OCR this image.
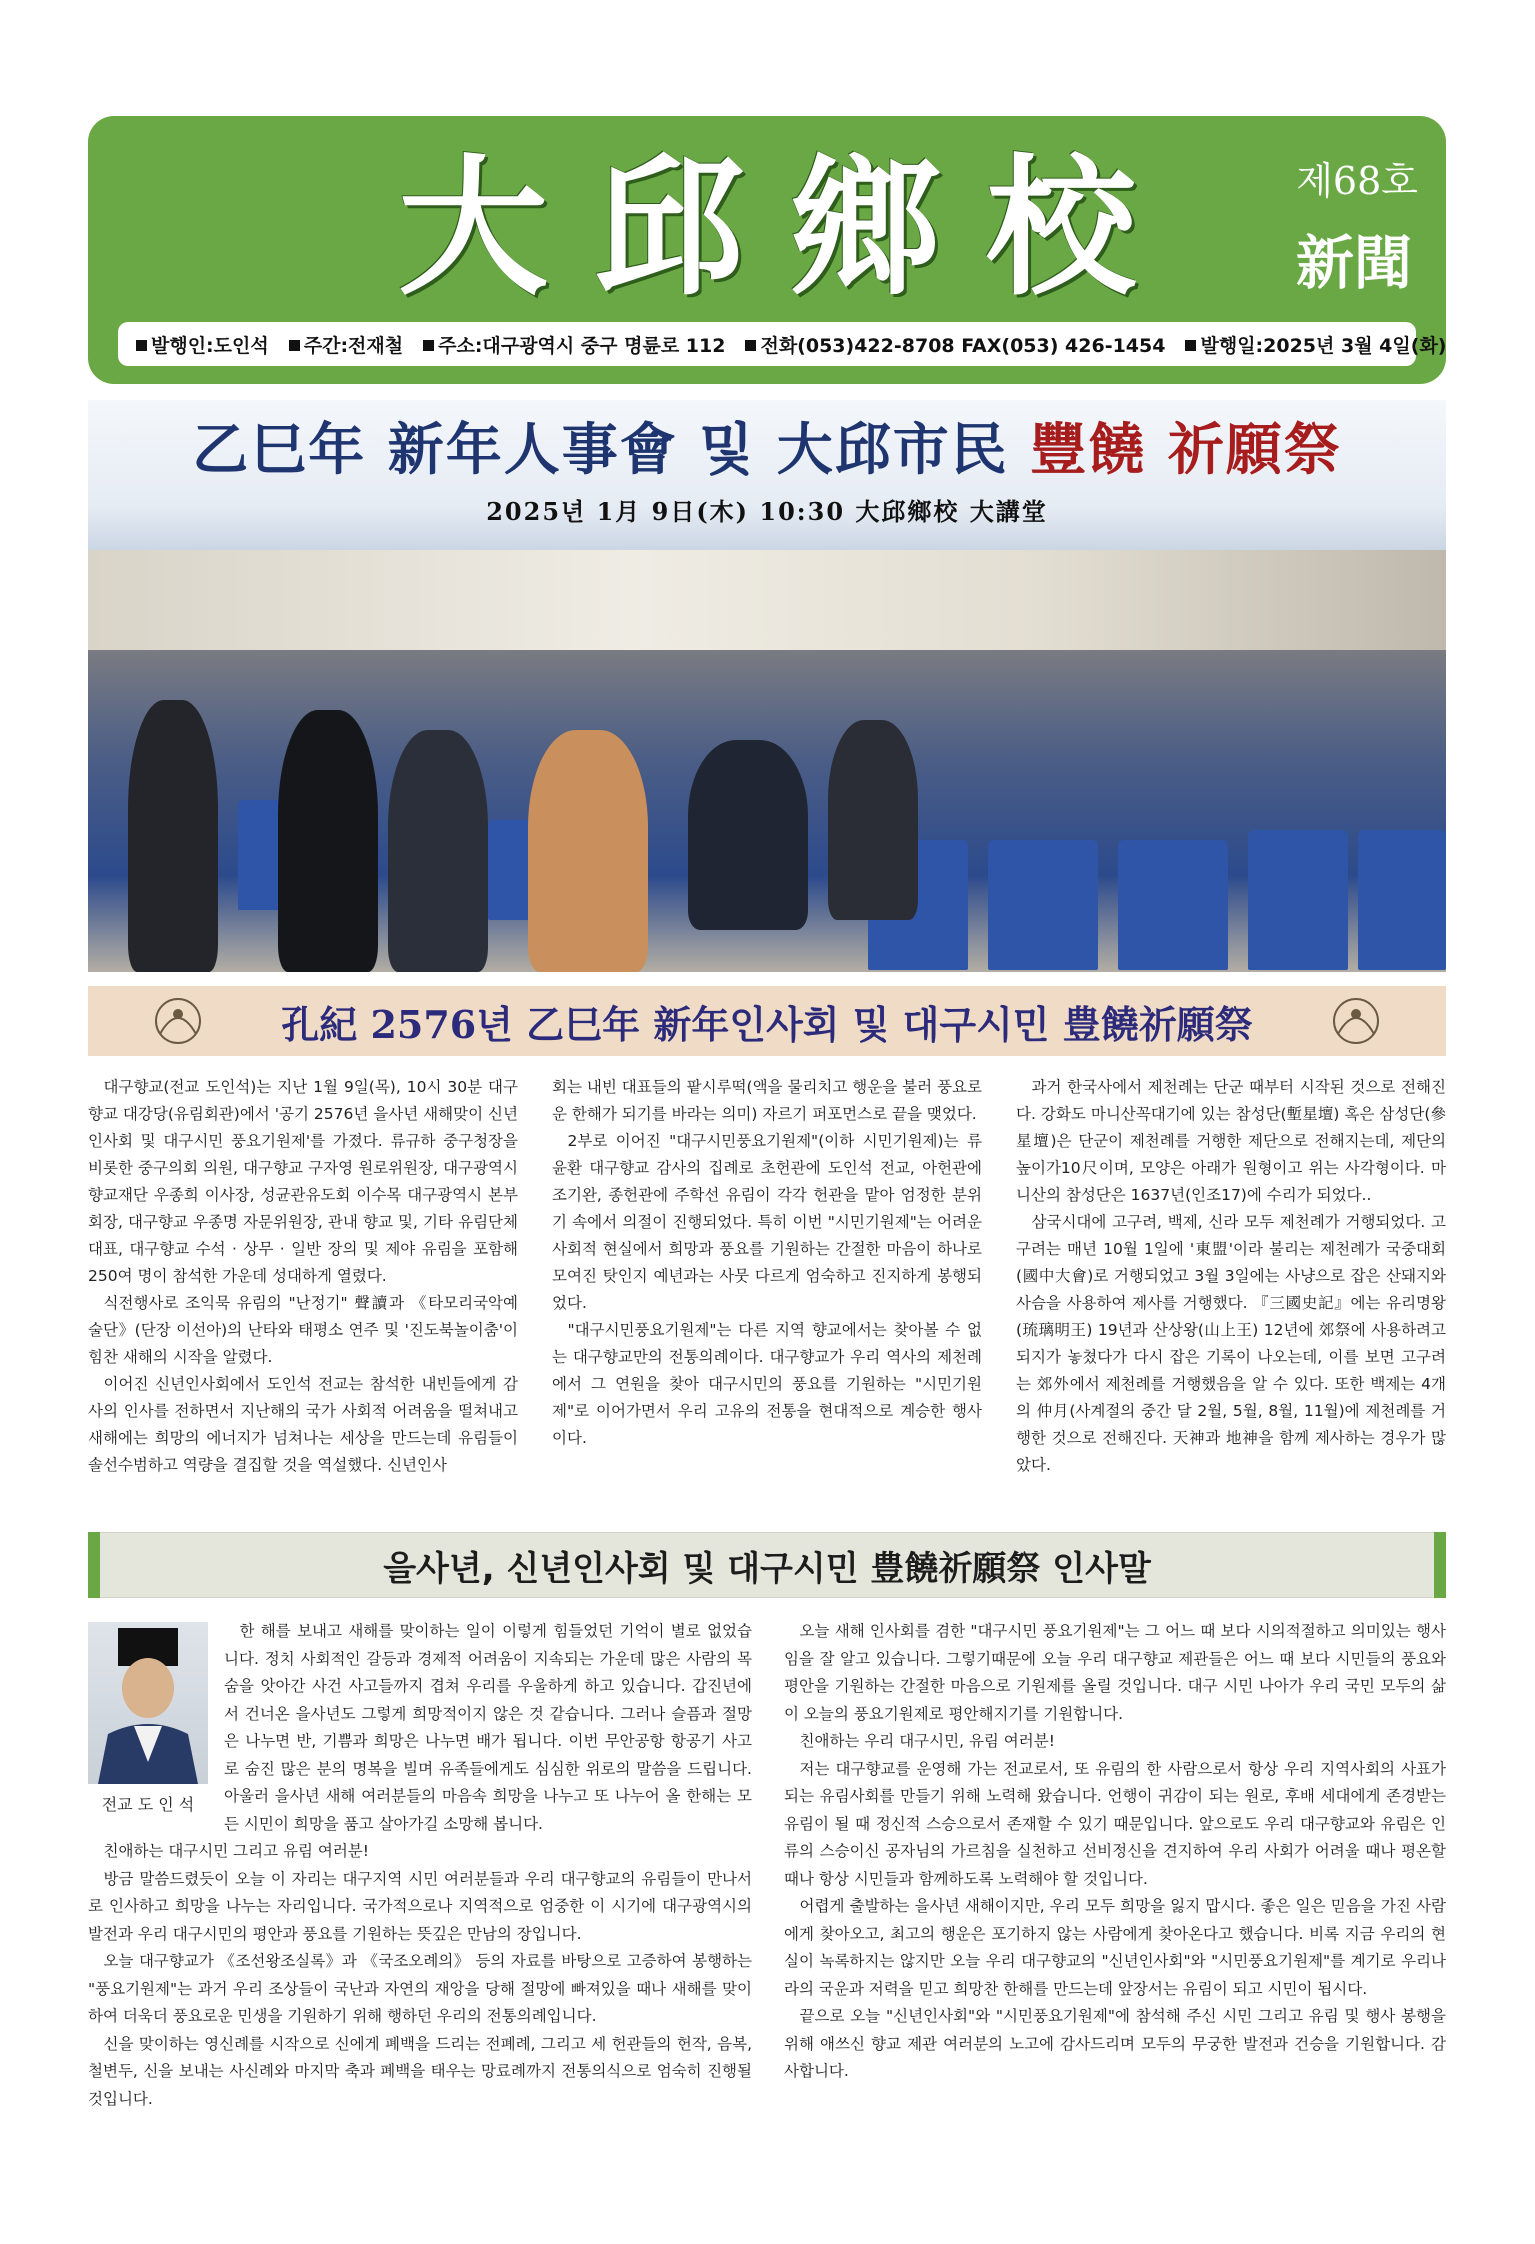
大邱鄉校	제68호
新聞
발행인:도인석	주간:전재철	주소:대구광역시 중구 명륜로 112	전화(053)422-8708 FAX(053) 426-1454	발행일:2025년 3월 4일(화)
乙巳年 新年人事會 및 大邱市民 豐饒 祈願祭
2025년 1月 9日(木) 10:30 大邱鄉校 大講堂
孔紀 2576년 乙巳年 新年인사회 및 대구시민 豊饒祈願祭

대구향교(전교 도인석)는 지난 1월 9일(목), 10시 30분 대구향교 대강당(유림회관)에서 '공기 2576년 을사년 새해맞이 신년인사회 및 대구시민 풍요기원제'를 가졌다. 류규하 중구청장을 비롯한 중구의회 의원, 대구향교 구자영 원로위원장, 대구광역시 향교재단 우종희 이사장, 성균관유도회 이수목 대구광역시 본부회장, 대구향교 우종명 자문위원장, 관내 향교 및, 기타 유림단체 대표, 대구향교 수석 · 상무 · 일반 장의 및 제야 유림을 포함해 250여 명이 참석한 가운데 성대하게 열렸다.

식전행사로 조익묵 유림의 "난정기" 聲讀과 《타모리국악예술단》(단장 이선아)의 난타와 태평소 연주 및 '진도북놀이춤'이 힘찬 새해의 시작을 알렸다.

이어진 신년인사회에서 도인석 전교는 참석한 내빈들에게 감사의 인사를 전하면서 지난해의 국가 사회적 어려움을 떨쳐내고 새해에는 희망의 에너지가 넘쳐나는 세상을 만드는데 유림들이 솔선수범하고 역량을 결집할 것을 역설했다. 신년인사

회는 내빈 대표들의 팥시루떡(액을 물리치고 행운을 불러 풍요로운 한해가 되기를 바라는 의미) 자르기 퍼포먼스로 끝을 맺었다.

2부로 이어진 "대구시민풍요기원제"(이하 시민기원제)는 류윤환 대구향교 감사의 집례로 초헌관에 도인석 전교, 아헌관에 조기완, 종헌관에 주학선 유림이 각각 헌관을 맡아 엄정한 분위기 속에서 의절이 진행되었다. 특히 이번 "시민기원제"는 어려운 사회적 현실에서 희망과 풍요를 기원하는 간절한 마음이 하나로 모여진 탓인지 예년과는 사뭇 다르게 엄숙하고 진지하게 봉행되었다.

"대구시민풍요기원제"는 다른 지역 향교에서는 찾아볼 수 없는 대구향교만의 전통의례이다. 대구향교가 우리 역사의 제천례에서 그 연원을 찾아 대구시민의 풍요를 기원하는 "시민기원제"로 이어가면서 우리 고유의 전통을 현대적으로 계승한 행사이다.

과거 한국사에서 제천례는 단군 때부터 시작된 것으로 전해진다. 강화도 마니산꼭대기에 있는 참성단(塹星壇) 혹은 삼성단(參星壇)은 단군이 제천례를 거행한 제단으로 전해지는데, 제단의 높이가10尺이며, 모양은 아래가 원형이고 위는 사각형이다. 마니산의 참성단은 1637년(인조17)에 수리가 되었다..

삼국시대에 고구려, 백제, 신라 모두 제천례가 거행되었다. 고구려는 매년 10월 1일에 '東盟'이라 불리는 제천례가 국중대회(國中大會)로 거행되었고 3월 3일에는 사냥으로 잡은 산돼지와 사슴을 사용하여 제사를 거행했다. 『三國史記』에는 유리명왕(琉璃明王) 19년과 산상왕(山上王) 12년에 郊祭에 사용하려고 되지가 놓쳤다가 다시 잡은 기록이 나오는데, 이를 보면 고구려는 郊外에서 제천례를 거행했음을 알 수 있다. 또한 백제는 4개의 仲月(사계절의 중간 달 2월, 5월, 8월, 11월)에 제천례를 거행한 것으로 전해진다. 天神과 地神을 함께 제사하는 경우가 많았다.

을사년, 신년인사회 및 대구시민 豊饒祈願祭 인사말
전교 도 인 석

한 해를 보내고 새해를 맞이하는 일이 이렇게 힘들었던 기억이 별로 없었습니다. 정치 사회적인 갈등과 경제적 어려움이 지속되는 가운데 많은 사람의 목숨을 앗아간 사건 사고들까지 겹쳐 우리를 우울하게 하고 있습니다. 갑진년에서 건너온 을사년도 그렇게 희망적이지 않은 것 같습니다. 그러나 슬픔과 절망은 나누면 반, 기쁨과 희망은 나누면 배가 됩니다. 이번 무안공항 항공기 사고로 숨진 많은 분의 명복을 빌며 유족들에게도 심심한 위로의 말씀을 드립니다. 아울러 을사년 새해 여러분들의 마음속 희망을 나누고 또 나누어 올 한해는 모든 시민이 희망을 품고 살아가길 소망해 봅니다.

친애하는 대구시민 그리고 유림 여러분!

방금 말씀드렸듯이 오늘 이 자리는 대구지역 시민 여러분들과 우리 대구향교의 유림들이 만나서로 인사하고 희망을 나누는 자리입니다. 국가적으로나 지역적으로 엄중한 이 시기에 대구광역시의 발전과 우리 대구시민의 평안과 풍요를 기원하는 뜻깊은 만남의 장입니다.

오늘 대구향교가 《조선왕조실록》과 《국조오례의》 등의 자료를 바탕으로 고증하여 봉행하는 "풍요기원제"는 과거 우리 조상들이 국난과 자연의 재앙을 당해 절망에 빠져있을 때나 새해를 맞이하여 더욱더 풍요로운 민생을 기원하기 위해 행하던 우리의 전통의례입니다.

신을 맞이하는 영신례를 시작으로 신에게 폐백을 드리는 전폐례, 그리고 세 헌관들의 헌작, 음복, 철변두, 신을 보내는 사신례와 마지막 축과 폐백을 태우는 망료례까지 전통의식으로 엄숙히 진행될 것입니다.

오늘 새해 인사회를 겸한 "대구시민 풍요기원제"는 그 어느 때 보다 시의적절하고 의미있는 행사임을 잘 알고 있습니다. 그렇기때문에 오늘 우리 대구향교 제관들은 어느 때 보다 시민들의 풍요와 평안을 기원하는 간절한 마음으로 기원제를 올릴 것입니다. 대구 시민 나아가 우리 국민 모두의 삶이 오늘의 풍요기원제로 평안해지기를 기원합니다.

친애하는 우리 대구시민, 유림 여러분!

저는 대구향교를 운영해 가는 전교로서, 또 유림의 한 사람으로서 항상 우리 지역사회의 사표가 되는 유림사회를 만들기 위해 노력해 왔습니다. 언행이 귀감이 되는 원로, 후배 세대에게 존경받는 유림이 될 때 정신적 스승으로서 존재할 수 있기 때문입니다. 앞으로도 우리 대구향교와 유림은 인류의 스승이신 공자님의 가르침을 실천하고 선비정신을 견지하여 우리 사회가 어려울 때나 평온할 때나 항상 시민들과 함께하도록 노력해야 할 것입니다.

어렵게 출발하는 을사년 새해이지만, 우리 모두 희망을 잃지 맙시다. 좋은 일은 믿음을 가진 사람에게 찾아오고, 최고의 행운은 포기하지 않는 사람에게 찾아온다고 했습니다. 비록 지금 우리의 현실이 녹록하지는 않지만 오늘 우리 대구향교의 "신년인사회"와 "시민풍요기원제"를 계기로 우리나라의 국운과 저력을 믿고 희망찬 한해를 만드는데 앞장서는 유림이 되고 시민이 됩시다.

끝으로 오늘 "신년인사회"와 "시민풍요기원제"에 참석해 주신 시민 그리고 유림 및 행사 봉행을 위해 애쓰신 향교 제관 여러분의 노고에 감사드리며 모두의 무궁한 발전과 건승을 기원합니다. 감사합니다.
